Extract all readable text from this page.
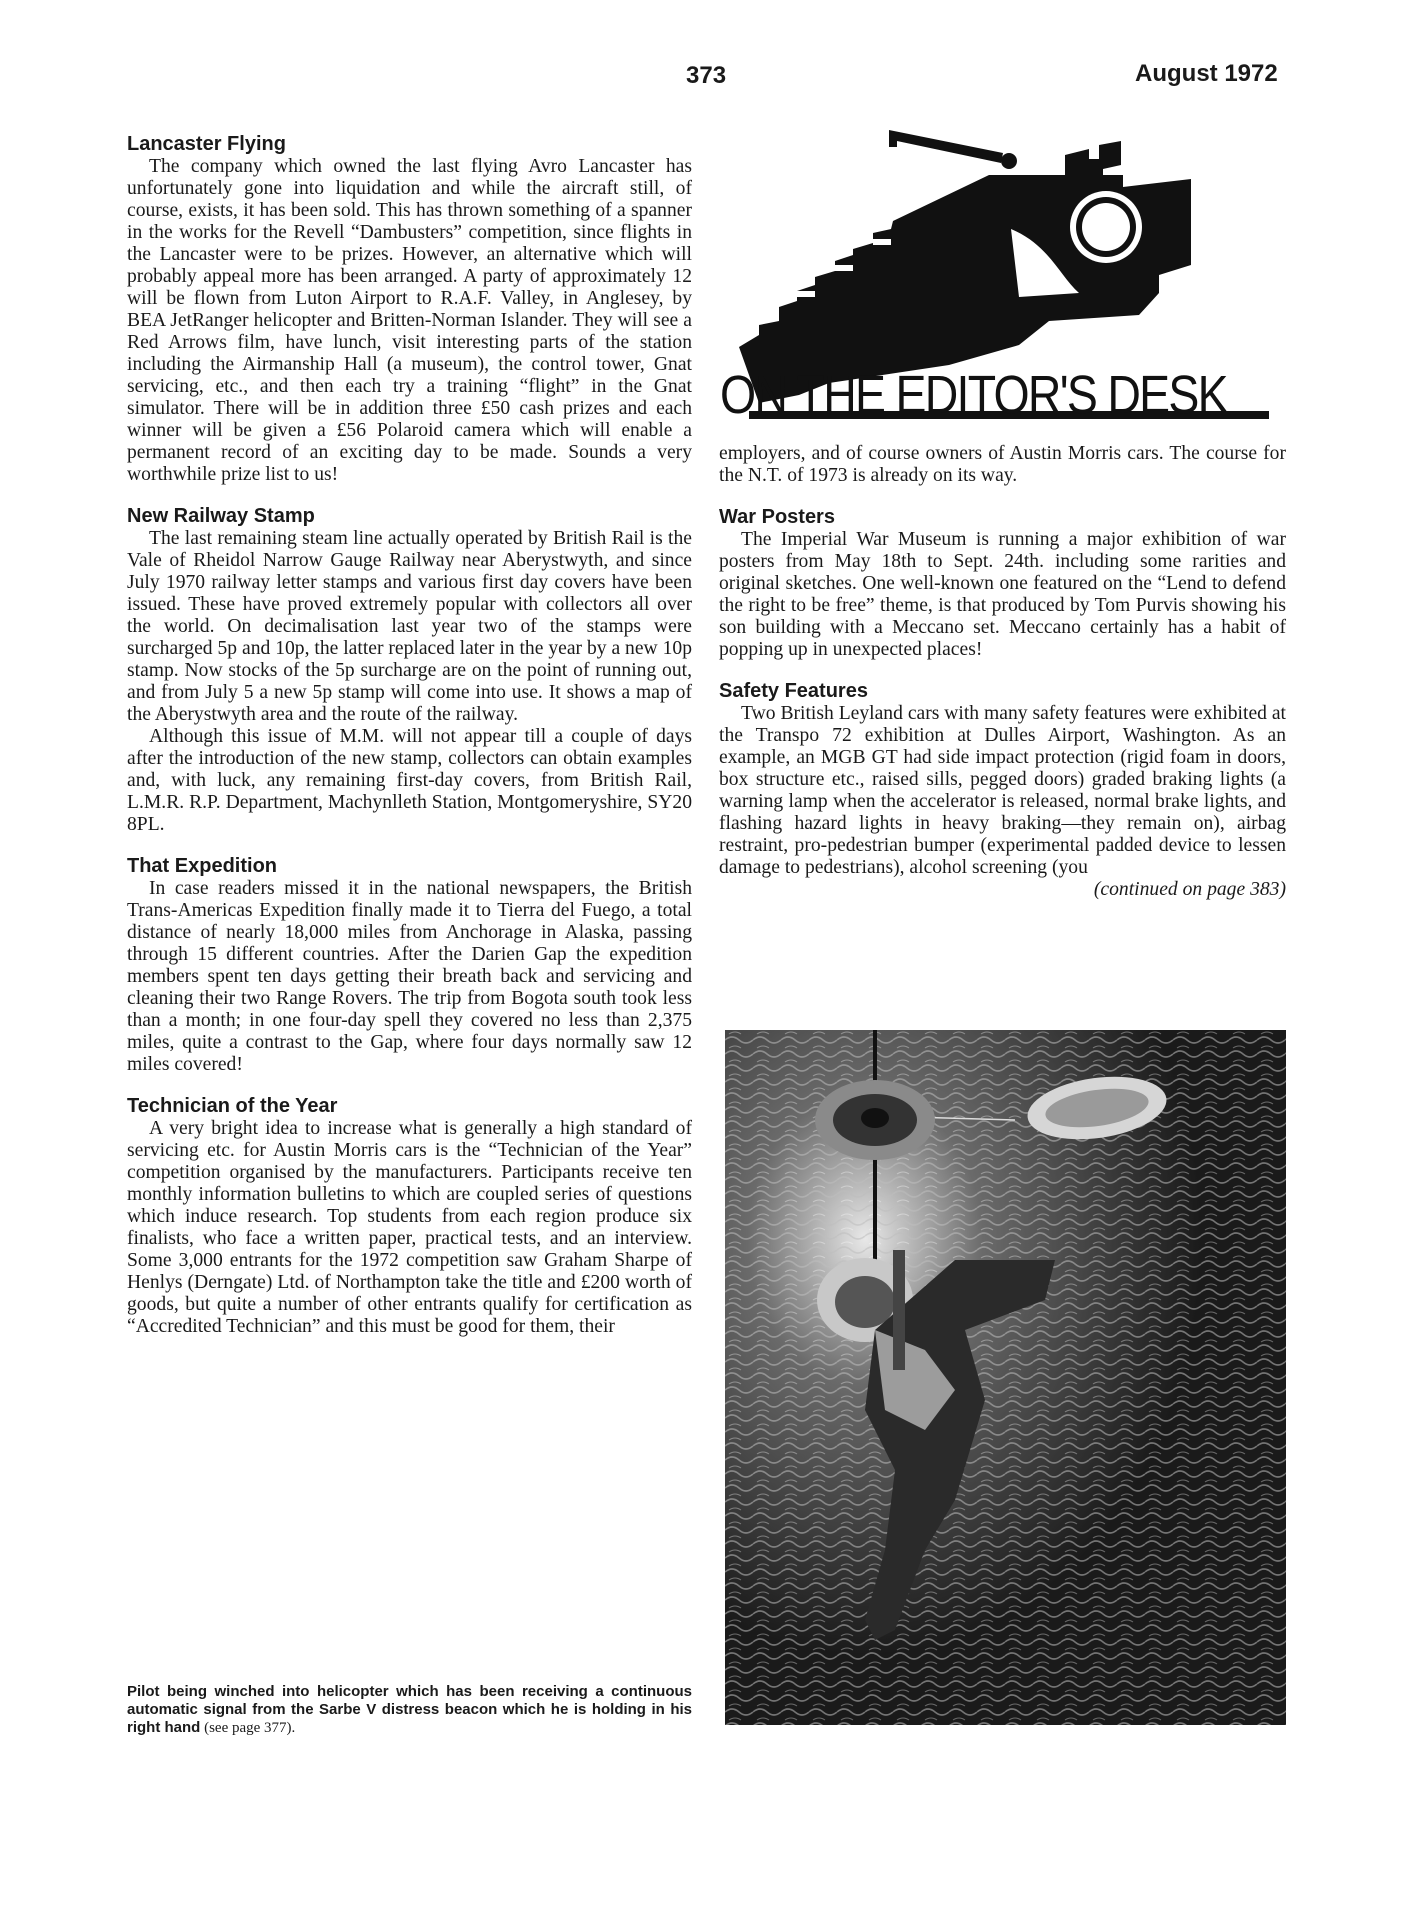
373	August 1972
Lancaster Flying

The company which owned the last flying Avro Lancaster has unfortunately gone into liquidation and while the aircraft still, of course, exists, it has been sold. This has thrown something of a spanner in the works for the Revell “Dambusters” competition, since flights in the Lancaster were to be prizes. However, an alternative which will probably appeal more has been arranged. A party of approximately 12 will be flown from Luton Airport to R.A.F. Valley, in Anglesey, by BEA JetRanger helicopter and Britten-Norman Islander. They will see a Red Arrows film, have lunch, visit interesting parts of the station including the Airmanship Hall (a museum), the control tower, Gnat servicing, etc., and then each try a training “flight” in the Gnat simulator. There will be in addition three £50 cash prizes and each winner will be given a £56 Polaroid camera which will enable a permanent record of an exciting day to be made. Sounds a very worthwhile prize list to us!

New Railway Stamp

The last remaining steam line actually operated by British Rail is the Vale of Rheidol Narrow Gauge Railway near Aberystwyth, and since July 1970 railway letter stamps and various first day covers have been issued. These have proved extremely popular with collectors all over the world. On decimalisation last year two of the stamps were surcharged 5p and 10p, the latter replaced later in the year by a new 10p stamp. Now stocks of the 5p surcharge are on the point of running out, and from July 5 a new 5p stamp will come into use. It shows a map of the Aberystwyth area and the route of the railway.

Although this issue of M.M. will not appear till a couple of days after the introduction of the new stamp, collectors can obtain examples and, with luck, any remaining first-day covers, from British Rail, L.M.R. R.P. Department, Machynlleth Station, Montgomeryshire, SY20 8PL.

That Expedition

In case readers missed it in the national newspapers, the British Trans-Americas Expedition finally made it to Tierra del Fuego, a total distance of nearly 18,000 miles from Anchorage in Alaska, passing through 15 different countries. After the Darien Gap the expedition members spent ten days getting their breath back and servicing and cleaning their two Range Rovers. The trip from Bogota south took less than a month; in one four-day spell they covered no less than 2,375 miles, quite a contrast to the Gap, where four days normally saw 12 miles covered!

Technician of the Year

A very bright idea to increase what is generally a high standard of servicing etc. for Austin Morris cars is the “Technician of the Year” competition organised by the manufacturers. Participants receive ten monthly information bulletins to which are coupled series of questions which induce research. Top students from each region produce six finalists, who face a written paper, practical tests, and an interview. Some 3,000 entrants for the 1972 competition saw Graham Sharpe of Henlys (Derngate) Ltd. of Northampton take the title and £200 worth of goods, but quite a number of other entrants qualify for certification as “Accredited Technician” and this must be good for them, their

Pilot being winched into helicopter which has been receiving a continuous automatic signal from the Sarbe V distress beacon which he is holding in his right hand (see page 377).
ON THE EDITOR'S DESK

employers, and of course owners of Austin Morris cars. The course for the N.T. of 1973 is already on its way.

War Posters

The Imperial War Museum is running a major exhibition of war posters from May 18th to Sept. 24th. including some rarities and original sketches. One well-known one featured on the “Lend to defend the right to be free” theme, is that produced by Tom Purvis showing his son building with a Meccano set. Meccano certainly has a habit of popping up in unexpected places!

Safety Features

Two British Leyland cars with many safety features were exhibited at the Transpo 72 exhibition at Dulles Airport, Washington. As an example, an MGB GT had side impact protection (rigid foam in doors, box structure etc., raised sills, pegged doors) graded braking lights (a warning lamp when the accelerator is released, normal brake lights, and flashing hazard lights in heavy braking—they remain on), airbag restraint, pro-pedestrian bumper (experimental padded device to lessen damage to pedestrians), alcohol screening (you

(continued on page 383)
